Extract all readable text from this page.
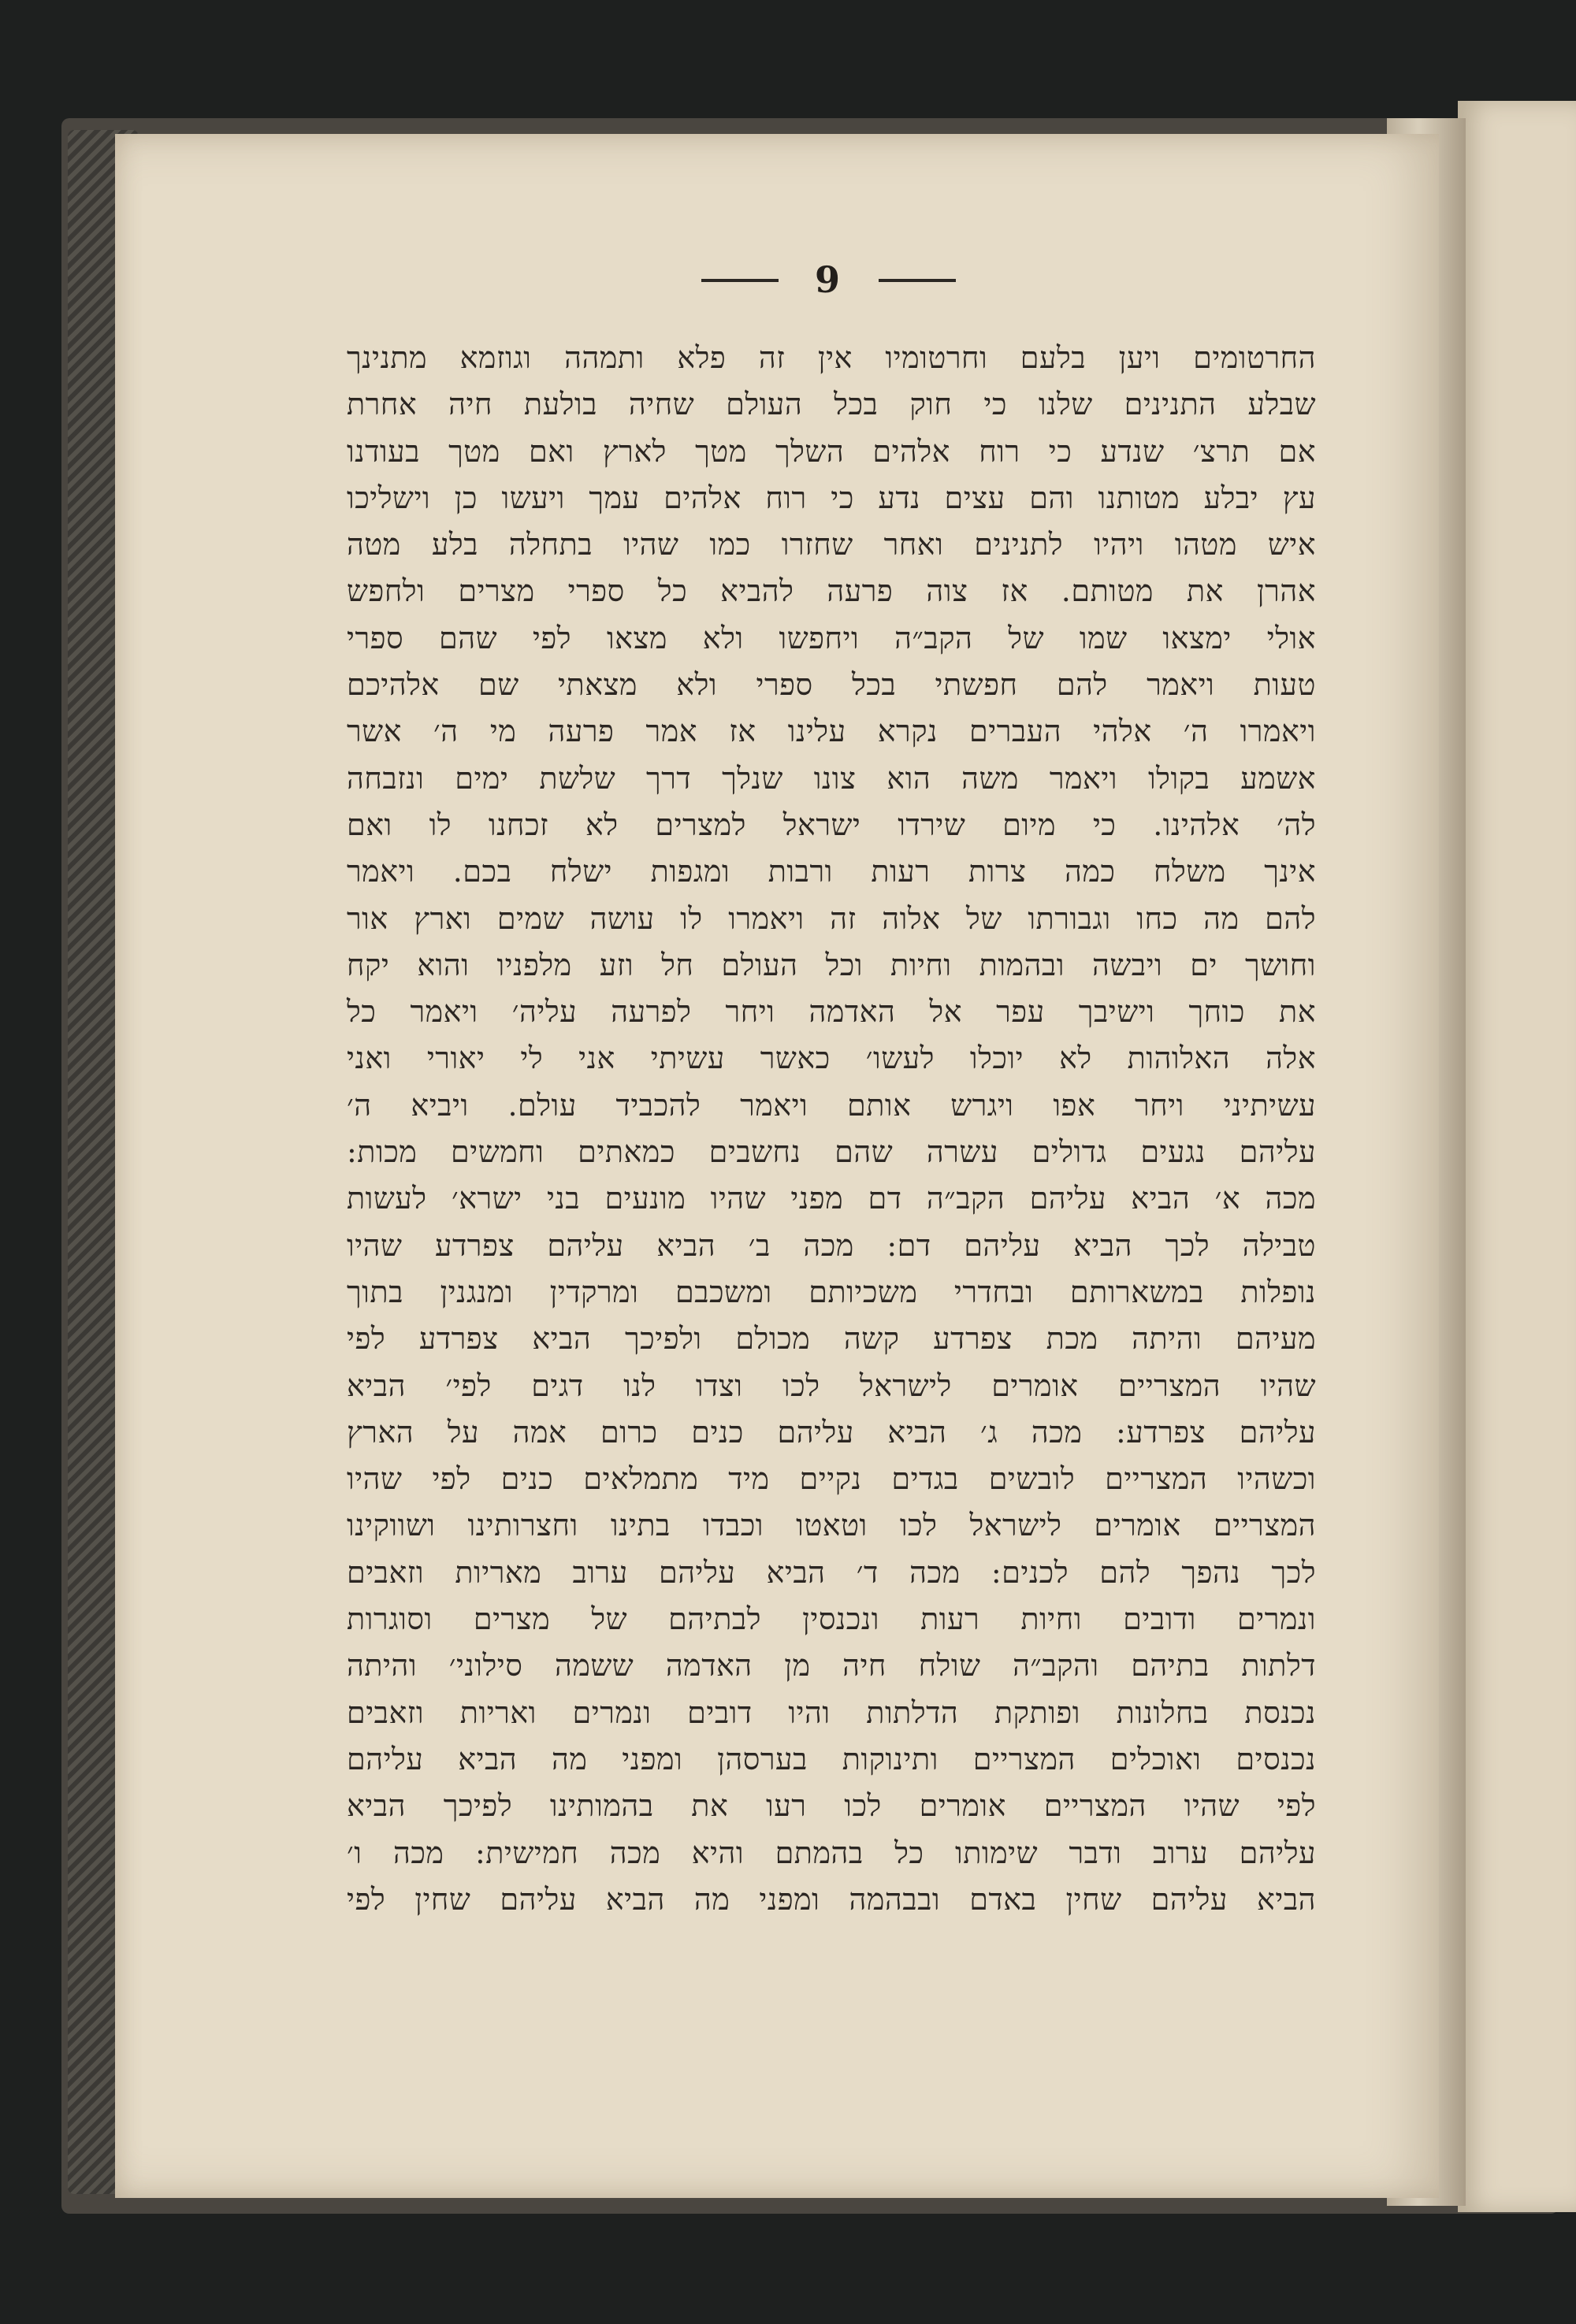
9
החרטומים ויען בלעם וחרטומיו אין זה פלא ותמהה וגוזמא מתנינך
שבלע התנינים שלנו כי חוק בכל העולם שחיה בולעת חיה אחרת
אם תרצ׳ שנדע כי רוח אלהים השלך מטך לארץ ואם מטך בעודנו
עץ יבלע מטותנו והם עצים נדע כי רוח אלהים עמך ויעשו כן וישליכו
איש מטהו ויהיו לתנינים ואחר שחזרו כמו שהיו בתחלה בלע מטה
אהרן את מטותם. אז צוה פרעה להביא כל ספרי מצרים ולחפש
אולי ימצאו שמו של הקב״ה ויחפשו ולא מצאו לפי שהם ספרי
טעות ויאמר להם חפשתי בכל ספרי ולא מצאתי שם אלהיכם
ויאמרו ה׳ אלהי העברים נקרא עלינו אז אמר פרעה מי ה׳ אשר
אשמע בקולו ויאמר משה הוא צונו שנלך דרך שלשת ימים ונזבחה
לה׳ אלהינו. כי מיום שירדו ישראל למצרים לא זכחנו לו ואם
אינך משלח כמה צרות רעות ורבות ומגפות ישלח בכם. ויאמר
להם מה כחו וגבורתו של אלוה זה ויאמרו לו עושה שמים וארץ אור
וחושך ים ויבשה ובהמות וחיות וכל העולם חל וזע מלפניו והוא יקח
את כוחך וישיבך עפר אל האדמה ויחר לפרעה עליה׳ ויאמר כל
אלה האלוהות לא יוכלו לעשו׳ כאשר עשיתי אני לי יאורי ואני
עשיתיני ויחר אפו ויגרש אותם ויאמר להכביד עולם. ויביא ה׳
עליהם נגעים גדולים עשרה שהם נחשבים כמאתים וחמשים מכות:
מכה א׳ הביא עליהם הקב״ה דם מפני שהיו מונעים בני ישרא׳ לעשות
טבילה לכך הביא עליהם דם: מכה ב׳ הביא עליהם צפרדע שהיו
נופלות במשארותם ובחדרי משכיותם ומשכבם ומרקדין ומנגנין בתוך
מעיהם והיתה מכת צפרדע קשה מכולם ולפיכך הביא צפרדע לפי
שהיו המצריים אומרים לישראל לכו וצדו לנו דגים לפי׳ הביא
עליהם צפרדע: מכה ג׳ הביא עליהם כנים כרום אמה על הארץ
וכשהיו המצריים לובשים בגדים נקיים מיד מתמלאים כנים לפי שהיו
המצריים אומרים לישראל לכו וטאטו וכבדו בתינו וחצרותינו ושווקינו
לכך נהפך להם לכנים: מכה ד׳ הביא עליהם ערוב מאריות וזאבים
ונמרים ודובים וחיות רעות ונכנסין לבתיהם של מצרים וסוגרות
דלתות בתיהם והקב״ה שולח חיה מן האדמה ששמה סילוני׳ והיתה
נכנסת בחלונות ופותקת הדלתות והיו דובים ונמרים ואריות וזאבים
נכנסים ואוכלים המצריים ותינוקות בערסהן ומפני מה הביא עליהם
לפי שהיו המצריים אומרים לכו רעו את בהמותינו לפיכך הביא
עליהם ערוב ודבר שימותו כל בהמתם והיא מכה חמישית: מכה ו׳
הביא עליהם שחין באדם ובבהמה ומפני מה הביא עליהם שחין לפי
